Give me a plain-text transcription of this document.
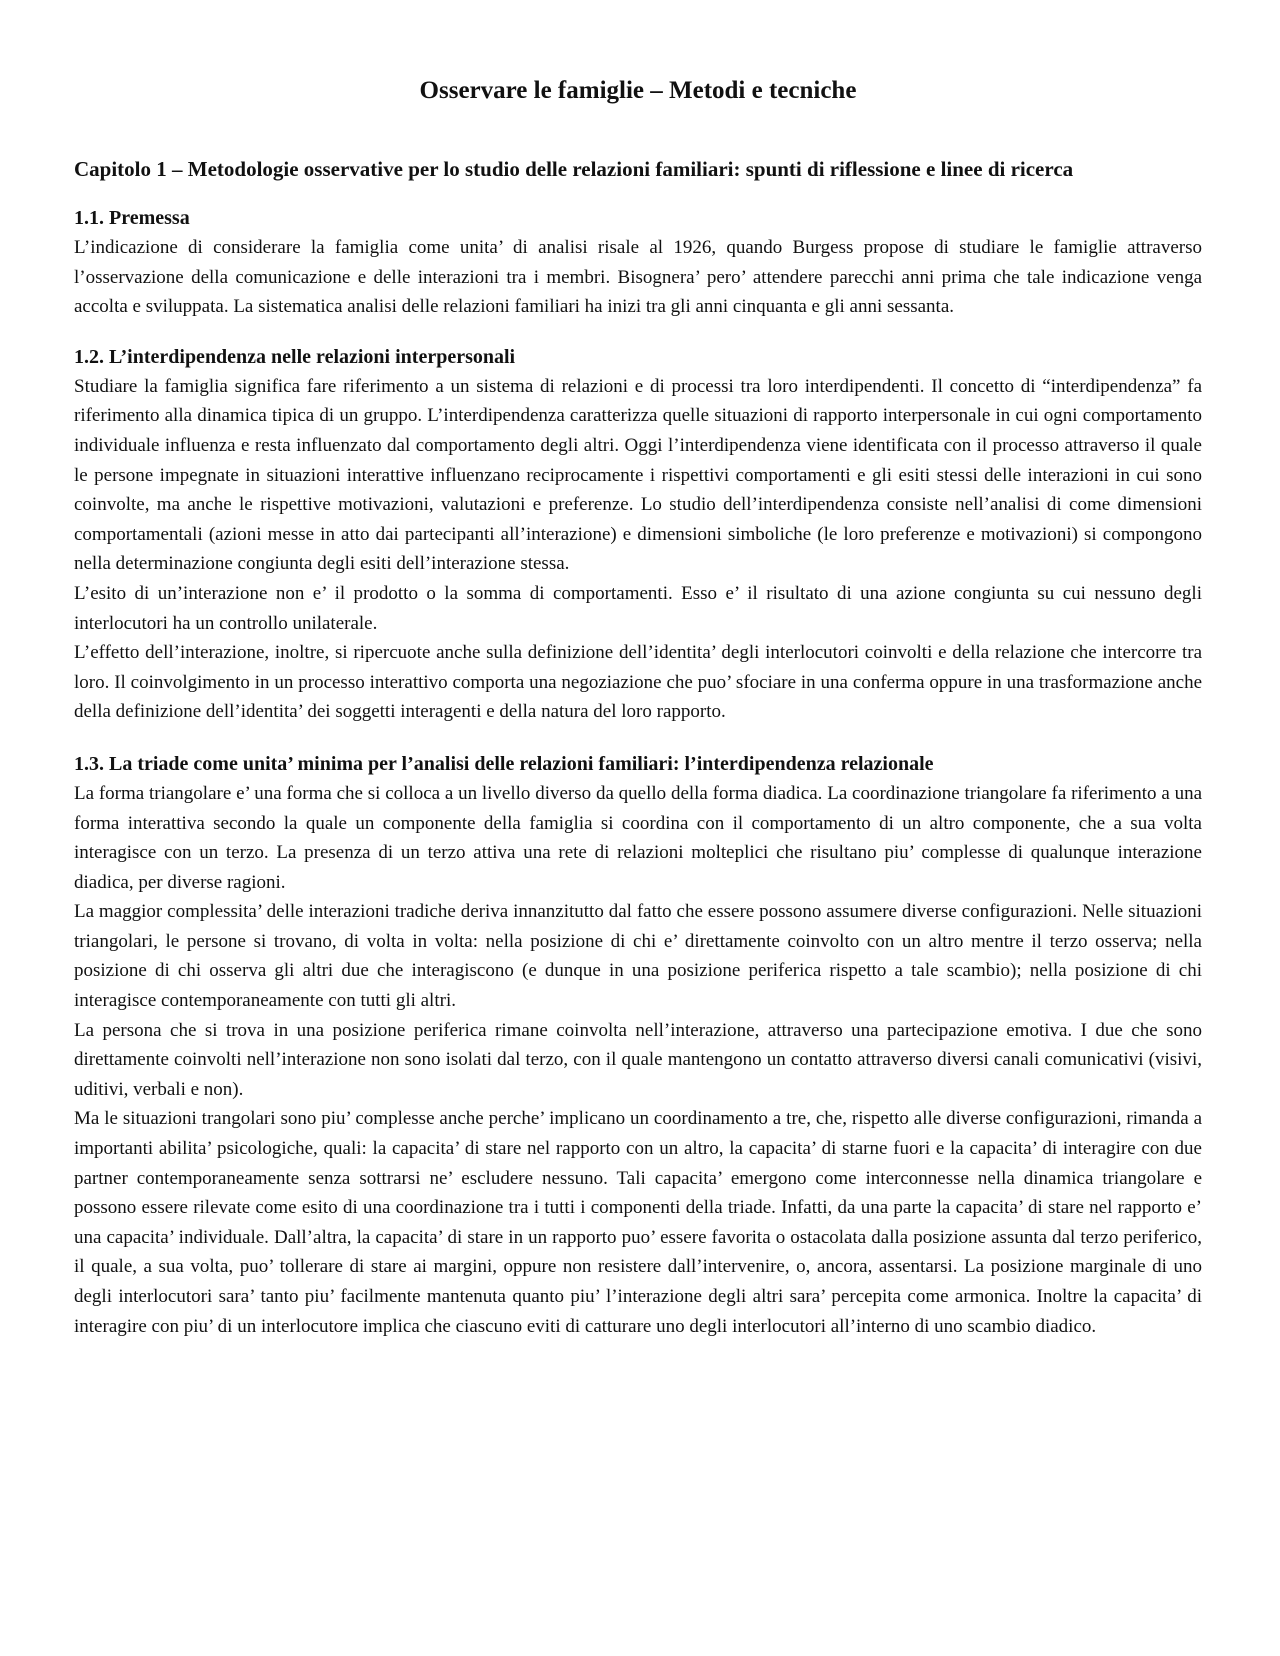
Osservare le famiglie – Metodi e tecniche
Capitolo 1 – Metodologie osservative per lo studio delle relazioni familiari: spunti di riflessione e linee di ricerca
1.1. Premessa

L’indicazione di considerare la famiglia come unita’ di analisi risale al 1926, quando Burgess propose di studiare le famiglie attraverso l’osservazione della comunicazione e delle interazioni tra i membri. Bisognera’ pero’ attendere parecchi anni prima che tale indicazione venga accolta e sviluppata. La sistematica analisi delle relazioni familiari ha inizi tra gli anni cinquanta e gli anni sessanta.

1.2. L’interdipendenza nelle relazioni interpersonali

Studiare la famiglia significa fare riferimento a un sistema di relazioni e di processi tra loro interdipendenti. Il concetto di “interdipendenza” fa riferimento alla dinamica tipica di un gruppo. L’interdipendenza caratterizza quelle situazioni di rapporto interpersonale in cui ogni comportamento individuale influenza e resta influenzato dal comportamento degli altri. Oggi l’interdipendenza viene identificata con il processo attraverso il quale le persone impegnate in situazioni interattive influenzano reciprocamente i rispettivi comportamenti e gli esiti stessi delle interazioni in cui sono coinvolte, ma anche le rispettive motivazioni, valutazioni e preferenze. Lo studio dell’interdipendenza consiste nell’analisi di come dimensioni comportamentali (azioni messe in atto dai partecipanti all’interazione) e dimensioni simboliche (le loro preferenze e motivazioni) si compongono nella determinazione congiunta degli esiti dell’interazione stessa.

L’esito di un’interazione non e’ il prodotto o la somma di comportamenti. Esso e’ il risultato di una azione congiunta su cui nessuno degli interlocutori ha un controllo unilaterale.

L’effetto dell’interazione, inoltre, si ripercuote anche sulla definizione dell’identita’ degli interlocutori coinvolti e della relazione che intercorre tra loro. Il coinvolgimento in un processo interattivo comporta una negoziazione che puo’ sfociare in una conferma oppure in una trasformazione anche della definizione dell’identita’ dei soggetti interagenti e della natura del loro rapporto.

1.3. La triade come unita’ minima per l’analisi delle relazioni familiari: l’interdipendenza relazionale

La forma triangolare e’ una forma che si colloca a un livello diverso da quello della forma diadica. La coordinazione triangolare fa riferimento a una forma interattiva secondo la quale un componente della famiglia si coordina con il comportamento di un altro componente, che a sua volta interagisce con un terzo. La presenza di un terzo attiva una rete di relazioni molteplici che risultano piu’ complesse di qualunque interazione diadica, per diverse ragioni.

La maggior complessita’ delle interazioni tradiche deriva innanzitutto dal fatto che essere possono assumere diverse configurazioni. Nelle situazioni triangolari, le persone si trovano, di volta in volta: nella posizione di chi e’ direttamente coinvolto con un altro mentre il terzo osserva; nella posizione di chi osserva gli altri due che interagiscono (e dunque in una posizione periferica rispetto a tale scambio); nella posizione di chi interagisce contemporaneamente con tutti gli altri.

La persona che si trova in una posizione periferica rimane coinvolta nell’interazione, attraverso una partecipazione emotiva. I due che sono direttamente coinvolti nell’interazione non sono isolati dal terzo, con il quale mantengono un contatto attraverso diversi canali comunicativi (visivi, uditivi, verbali e non).

Ma le situazioni trangolari sono piu’ complesse anche perche’ implicano un coordinamento a tre, che, rispetto alle diverse configurazioni, rimanda a importanti abilita’ psicologiche, quali: la capacita’ di stare nel rapporto con un altro, la capacita’ di starne fuori e la capacita’ di interagire con due partner contemporaneamente senza sottrarsi ne’ escludere nessuno. Tali capacita’ emergono come interconnesse nella dinamica triangolare e possono essere rilevate come esito di una coordinazione tra i tutti i componenti della triade. Infatti, da una parte la capacita’ di stare nel rapporto e’ una capacita’ individuale. Dall’altra, la capacita’ di stare in un rapporto puo’ essere favorita o ostacolata dalla posizione assunta dal terzo periferico, il quale, a sua volta, puo’ tollerare di stare ai margini, oppure non resistere dall’intervenire, o, ancora, assentarsi. La posizione marginale di uno degli interlocutori sara’ tanto piu’ facilmente mantenuta quanto piu’ l’interazione degli altri sara’ percepita come armonica. Inoltre la capacita’ di interagire con piu’ di un interlocutore implica che ciascuno eviti di catturare uno degli interlocutori all’interno di uno scambio diadico.
